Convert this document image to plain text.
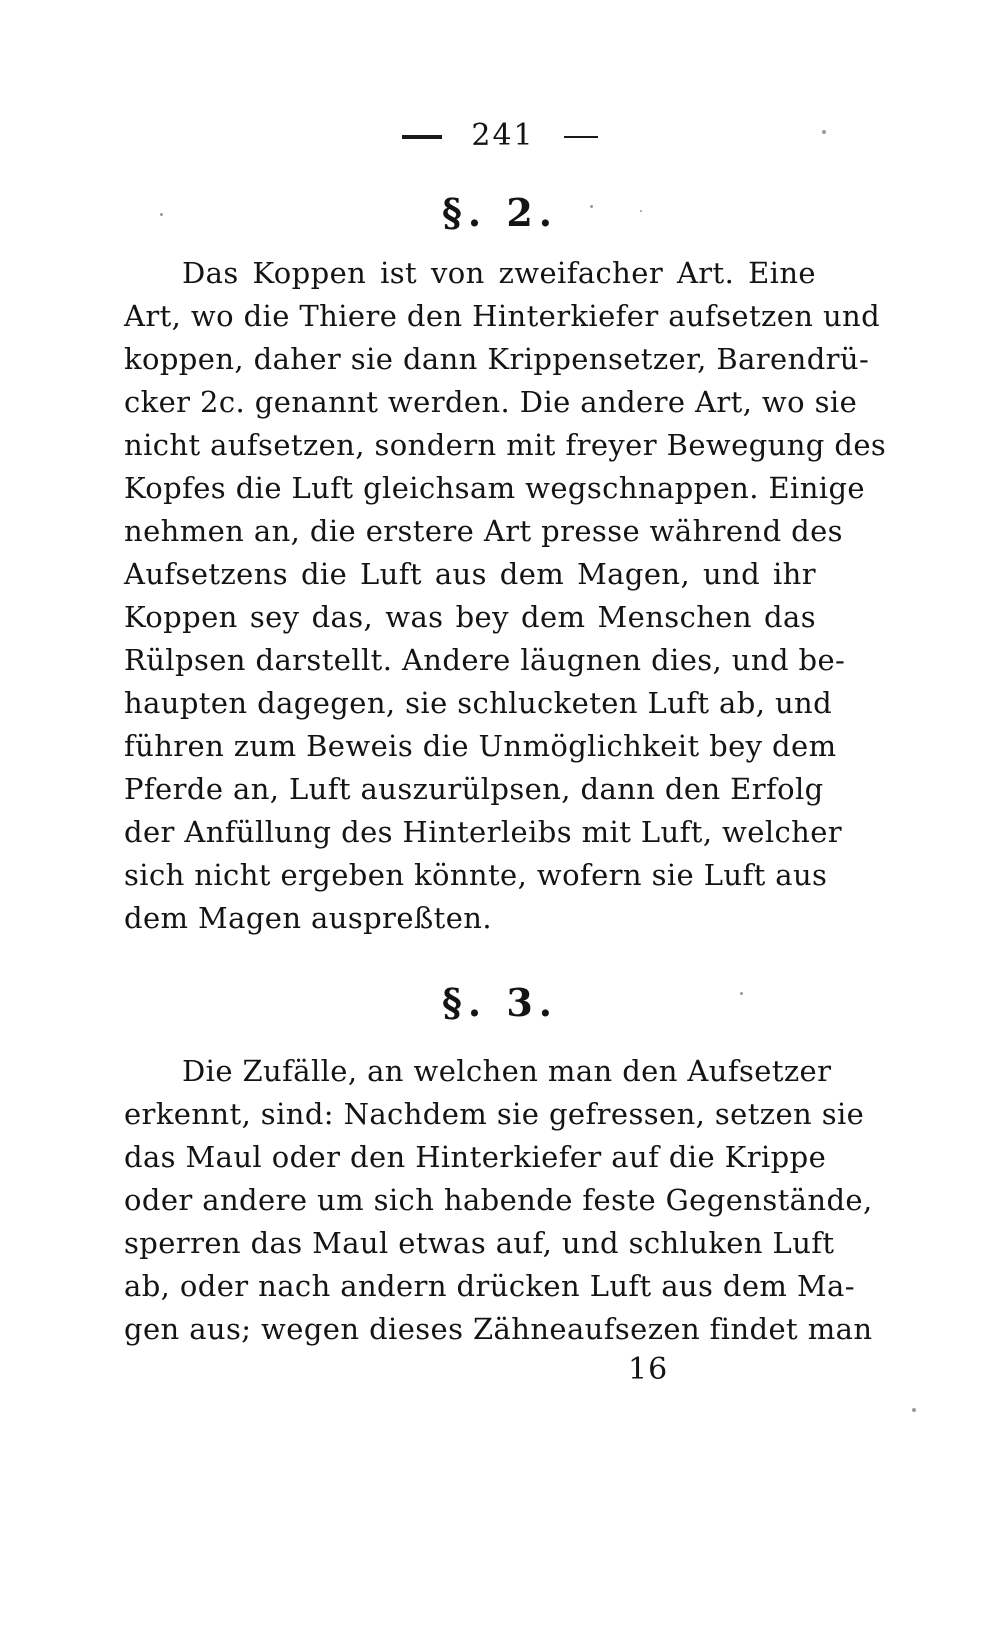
241
§. 2.
Das Koppen ist von zweifacher Art. Eine
Art, wo die Thiere den Hinterkiefer aufsetzen und
koppen, daher sie dann Krippensetzer, Barendrü-
cker 2c. genannt werden. Die andere Art, wo sie
nicht aufsetzen, sondern mit freyer Bewegung des
Kopfes die Luft gleichsam wegschnappen. Einige
nehmen an, die erstere Art presse während des
Aufsetzens die Luft aus dem Magen, und ihr
Koppen sey das, was bey dem Menschen das
Rülpsen darstellt. Andere läugnen dies, und be-
haupten dagegen, sie schlucketen Luft ab, und
führen zum Beweis die Unmöglichkeit bey dem
Pferde an, Luft auszurülpsen, dann den Erfolg
der Anfüllung des Hinterleibs mit Luft, welcher
sich nicht ergeben könnte, wofern sie Luft aus
dem Magen auspreßten.
§. 3.
Die Zufälle, an welchen man den Aufsetzer
erkennt, sind: Nachdem sie gefressen, setzen sie
das Maul oder den Hinterkiefer auf die Krippe
oder andere um sich habende feste Gegenstände,
sperren das Maul etwas auf, und schluken Luft
ab, oder nach andern drücken Luft aus dem Ma-
gen aus; wegen dieses Zähneaufsezen findet man
16
